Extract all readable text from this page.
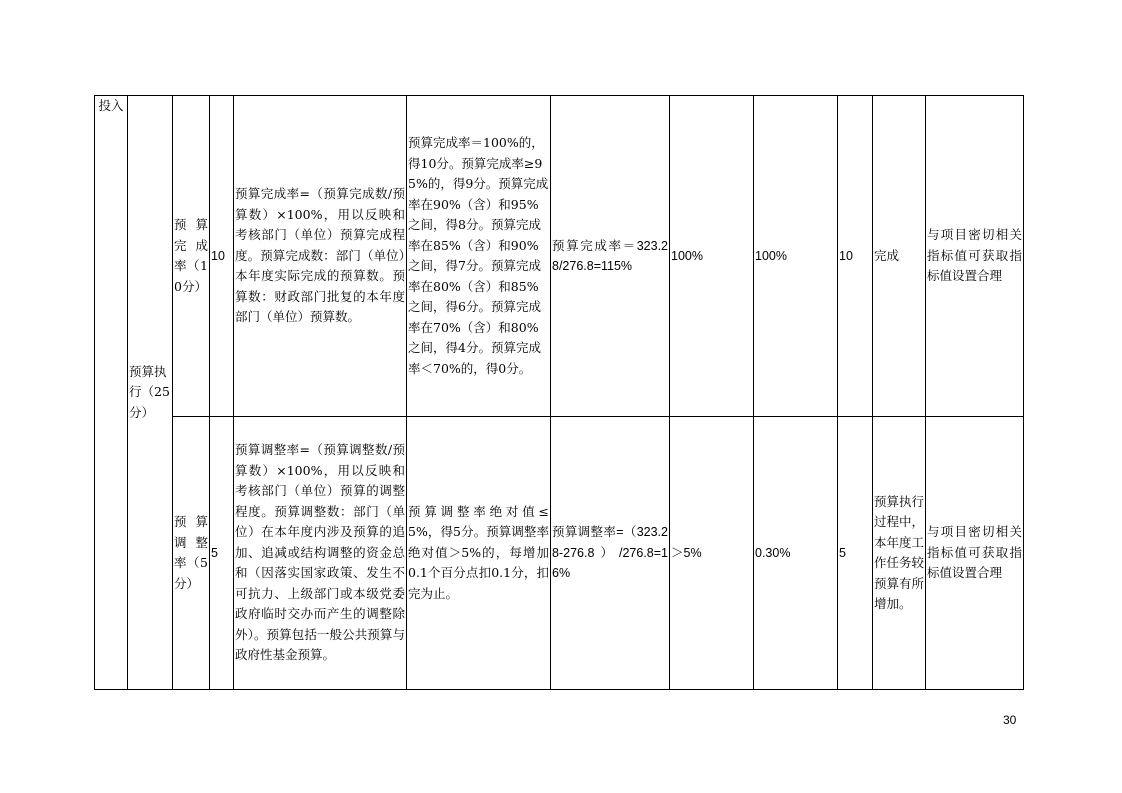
投入	预算执行（25分）	预算完成率（10分）	10	预算完成率=（预算完成数/预算数）×100%，用以反映和考核部门（单位）预算完成程度。预算完成数：部门（单位）本年度实际完成的预算数。预算数：财政部门批复的本年度部门（单位）预算数。	预算完成率＝100%的，得10分。预算完成率≥95%的，得9分。预算完成率在90%（含）和95%之间，得8分。预算完成率在85%（含）和90%之间，得7分。预算完成率在80%（含）和85%之间，得6分。预算完成率在70%（含）和80%之间，得4分。预算完成率＜70%的，得0分。	预算完成率＝323.28/276.8=115%	100%	100%	10	完成	与项目密切相关指标值可获取指标值设置合理
		预算调整率（5分）	5	预算调整率=（预算调整数/预算数）×100%，用以反映和考核部门（单位）预算的调整程度。预算调整数：部门（单位）在本年度内涉及预算的追加、追减或结构调整的资金总和（因落实国家政策、发生不可抗力、上级部门或本级党委政府临时交办而产生的调整除外）。预算包括一般公共预算与政府性基金预算。	预算调整率绝对值≤5%，得5分。预算调整率绝对值＞5%的，每增加0.1个百分点扣0.1分，扣完为止。	预算调整率=（323.28-276.8）/276.8=16%	＞5%	0.30%	5	预算执行过程中，本年度工作任务较预算有所增加。	与项目密切相关指标值可获取指标值设置合理
30
